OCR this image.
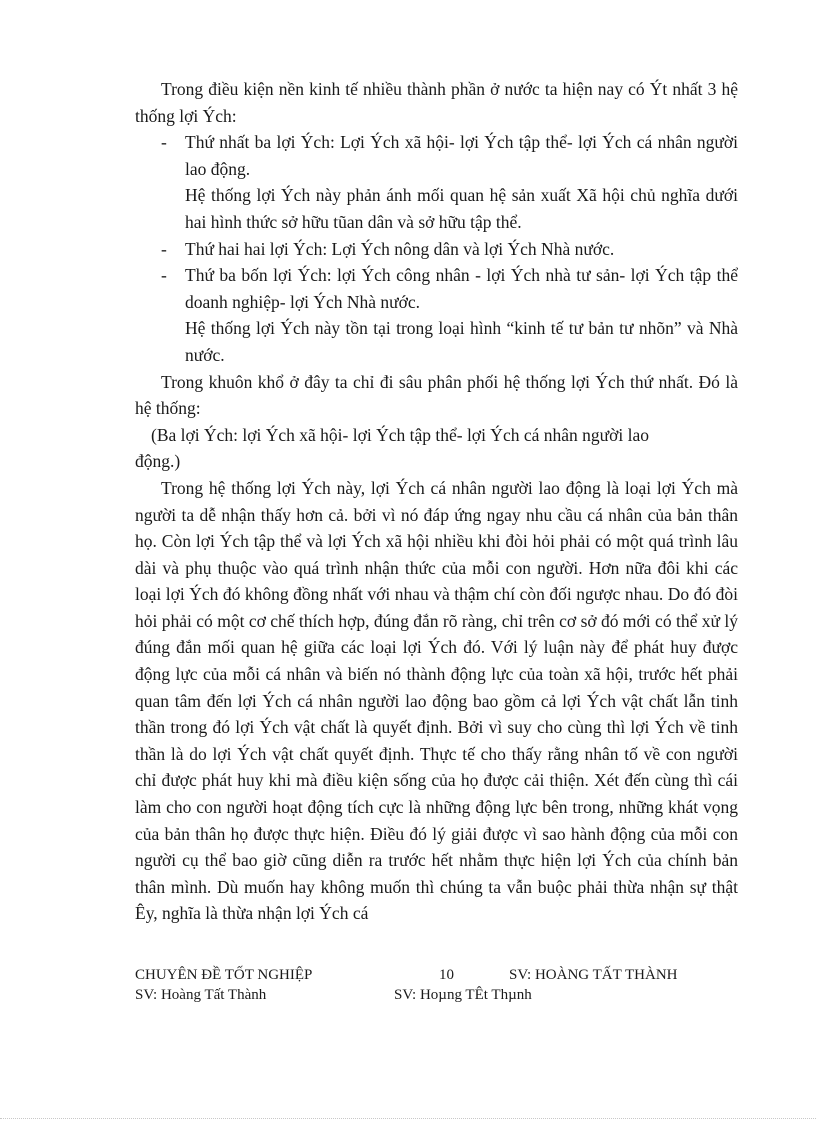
Trong điều kiện nền kinh tế nhiều thành phần ở nước ta hiện nay có Ýt nhất 3 hệ thống lợi Ých:

- Thứ nhất ba lợi Ých: Lợi Ých xã hội- lợi Ých tập thể- lợi Ých cá nhân người lao động.
Hệ thống lợi Ých này phản ánh mối quan hệ sản xuất Xã hội chủ nghĩa dưới hai hình thức sở hữu tũan dân và sở hữu tập thể.
- Thứ hai hai lợi Ých: Lợi Ých nông dân và lợi Ých Nhà nước.
- Thứ ba bốn lợi Ých: lợi Ých công nhân - lợi Ých nhà tư sản- lợi Ých tập thể doanh nghiệp- lợi Ých Nhà nước.
Hệ thống lợi Ých này tồn tại trong loại hình “kinh tế tư bản tư nhõn” và Nhà nước.

Trong khuôn khổ ở đây ta chỉ đi sâu phân phối hệ thống lợi Ých thứ nhất. Đó là hệ thống:

(Ba lợi Ých: lợi Ých xã hội- lợi Ých tập thể- lợi Ých cá nhân người lao
động.)

Trong hệ thống lợi Ých này, lợi Ých cá nhân người lao động là loại lợi Ých mà người ta dễ nhận thấy hơn cả. bởi vì nó đáp ứng ngay nhu cầu cá nhân của bản thân họ. Còn lợi Ých tập thể và lợi Ých xã hội nhiều khi đòi hỏi phải có một quá trình lâu dài và phụ thuộc vào quá trình nhận thức của mỗi con người. Hơn nữa đôi khi các loại lợi Ých đó không đồng nhất với nhau và thậm chí còn đối ngược nhau. Do đó đòi hỏi phải có một cơ chế thích hợp, đúng đắn rõ ràng, chỉ trên cơ sở đó mới có thể xử lý đúng đắn mối quan hệ giữa các loại lợi Ých đó. Với lý luận này để phát huy được động lực của mỗi cá nhân và biến nó thành động lực của toàn xã hội, trước hết phải quan tâm đến lợi Ých cá nhân người lao động bao gồm cả lợi Ých vật chất lẫn tinh thần trong đó lợi Ých vật chất là quyết định. Bởi vì suy cho cùng thì lợi Ých về tinh thần là do lợi Ých vật chất quyết định. Thực tế cho thấy rằng nhân tố về con người chỉ được phát huy khi mà điều kiện sống của họ được cải thiện. Xét đến cùng thì cái làm cho con người hoạt động tích cực là những động lực bên trong, những khát vọng của bản thân họ được thực hiện. Điều đó lý giải được vì sao hành động của mỗi con người cụ thể bao giờ cũng diễn ra trước hết nhằm thực hiện lợi Ých của chính bản thân mình. Dù muốn hay không muốn thì chúng ta vẫn buộc phải thừa nhận sự thật Êy, nghĩa là thừa nhận lợi Ých cá

CHUYÊN ĐỀ TỐT NGHIỆP	10	SV: HOÀNG TẤT THÀNH
SV: Hoàng Tất Thành	SV: Hoµng TÊt Thµnh
